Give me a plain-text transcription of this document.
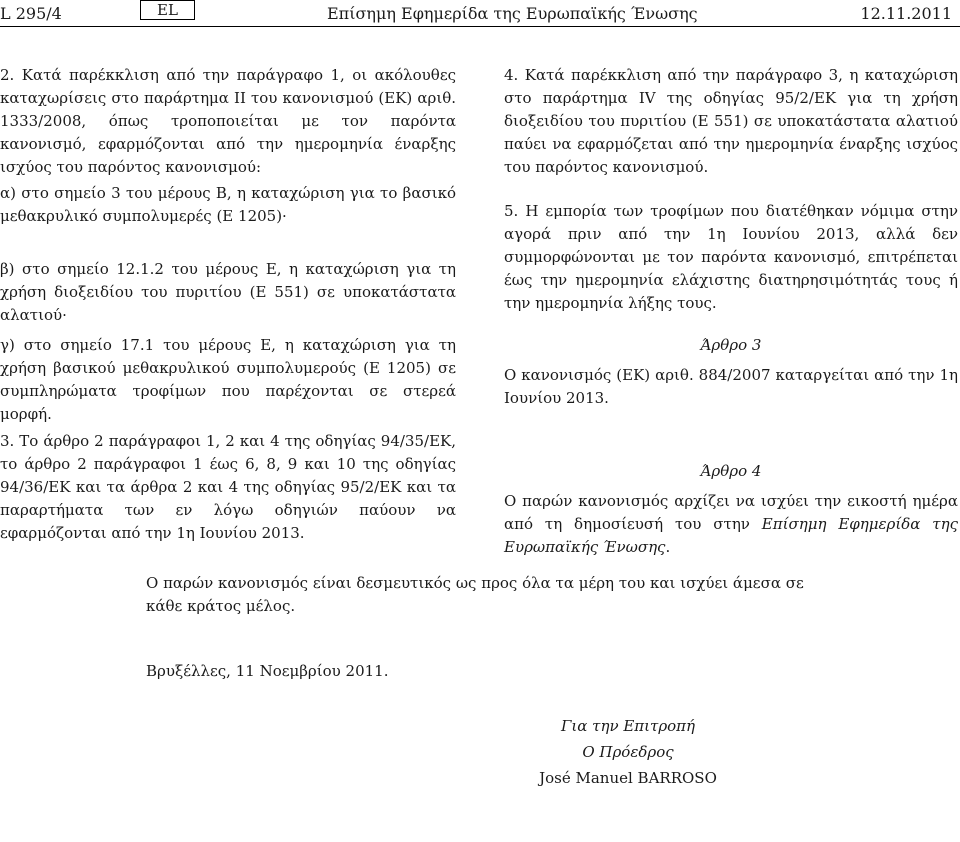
L 295/4	EL	Επίσημη Εφημερίδα της Ευρωπαϊκής Ένωσης	12.11.2011

2. Κατά παρέκκλιση από την παράγραφο 1, οι ακόλουθες καταχωρίσεις στο παράρτημα II του κανονισμού (ΕΚ) αριθ. 1333/2008, όπως τροποποιείται με τον παρόντα κανονισμό, εφαρμόζονται από την ημερομηνία έναρξης ισχύος του παρόντος κανονισμού:

α) στο σημείο 3 του μέρους Β, η καταχώριση για το βασικό μεθακρυλικό συμπολυμερές (Ε 1205)·

β) στο σημείο 12.1.2 του μέρους Ε, η καταχώριση για τη χρήση διοξειδίου του πυριτίου (Ε 551) σε υποκατάστατα αλατιού·

γ) στο σημείο 17.1 του μέρους Ε, η καταχώριση για τη χρήση βασικού μεθακρυλικού συμπολυμερούς (Ε 1205) σε συμπληρώματα τροφίμων που παρέχονται σε στερεά μορφή.

3. Το άρθρο 2 παράγραφοι 1, 2 και 4 της οδηγίας 94/35/ΕΚ, το άρθρο 2 παράγραφοι 1 έως 6, 8, 9 και 10 της οδηγίας 94/36/ΕΚ και τα άρθρα 2 και 4 της οδηγίας 95/2/ΕΚ και τα παραρτήματα των εν λόγω οδηγιών παύουν να εφαρμόζονται από την 1η Ιουνίου 2013.

4. Κατά παρέκκλιση από την παράγραφο 3, η καταχώριση στο παράρτημα IV της οδηγίας 95/2/ΕΚ για τη χρήση διοξειδίου του πυριτίου (Ε 551) σε υποκατάστατα αλατιού παύει να εφαρμόζεται από την ημερομηνία έναρξης ισχύος του παρόντος κανονισμού.

5. Η εμπορία των τροφίμων που διατέθηκαν νόμιμα στην αγορά πριν από την 1η Ιουνίου 2013, αλλά δεν συμμορφώνονται με τον παρόντα κανονισμό, επιτρέπεται έως την ημερομηνία ελάχιστης διατηρησιμότητάς τους ή την ημερομηνία λήξης τους.

Άρθρο 3

Ο κανονισμός (ΕΚ) αριθ. 884/2007 καταργείται από την 1η Ιουνίου 2013.

Άρθρο 4

Ο παρών κανονισμός αρχίζει να ισχύει την εικοστή ημέρα από τη δημοσίευσή του στην Επίσημη Εφημερίδα της Ευρωπαϊκής Ένωσης.

Ο παρών κανονισμός είναι δεσμευτικός ως προς όλα τα μέρη του και ισχύει άμεσα σε κάθε κράτος μέλος.

Βρυξέλλες, 11 Νοεμβρίου 2011.

Για την Επιτροπή

Ο Πρόεδρος

José Manuel BARROSO
